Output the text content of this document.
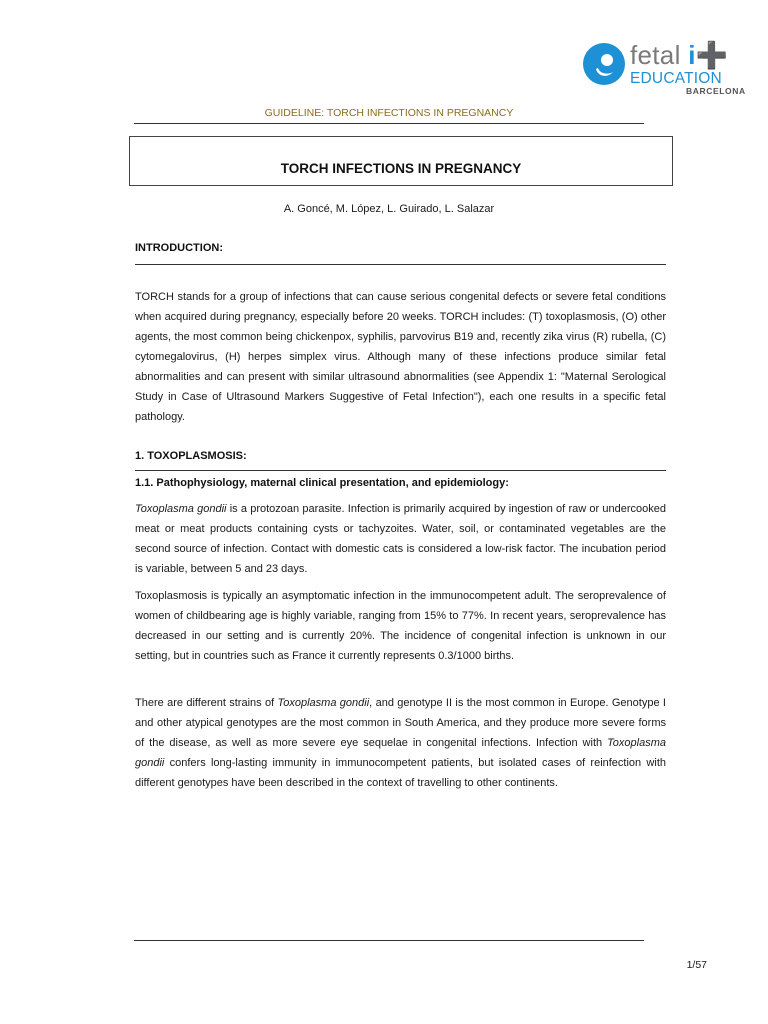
fetal i➕
EDUCATION
BARCELONA
GUIDELINE: TORCH INFECTIONS IN PREGNANCY
TORCH INFECTIONS IN PREGNANCY
A. Goncé, M. López, L. Guirado, L. Salazar
INTRODUCTION:

TORCH stands for a group of infections that can cause serious congenital defects or severe fetal conditions when acquired during pregnancy, especially before 20 weeks. TORCH includes: (T) toxoplasmosis, (O) other agents, the most common being chickenpox, syphilis, parvovirus B19 and, recently zika virus (R) rubella, (C) cytomegalovirus, (H) herpes simplex virus. Although many of these infections produce similar fetal abnormalities and can present with similar ultrasound abnormalities (see Appendix 1: "Maternal Serological Study in Case of Ultrasound Markers Suggestive of Fetal Infection"), each one results in a specific fetal pathology.

1. TOXOPLASMOSIS:
1.1. Pathophysiology, maternal clinical presentation, and epidemiology:

Toxoplasma gondii is a protozoan parasite. Infection is primarily acquired by ingestion of raw or undercooked meat or meat products containing cysts or tachyzoites. Water, soil, or contaminated vegetables are the second source of infection. Contact with domestic cats is considered a low-risk factor. The incubation period is variable, between 5 and 23 days.

Toxoplasmosis is typically an asymptomatic infection in the immunocompetent adult. The seroprevalence of women of childbearing age is highly variable, ranging from 15% to 77%. In recent years, seroprevalence has decreased in our setting and is currently 20%. The incidence of congenital infection is unknown in our setting, but in countries such as France it currently represents 0.3/1000 births.

There are different strains of Toxoplasma gondii, and genotype II is the most common in Europe. Genotype I and other atypical genotypes are the most common in South America, and they produce more severe forms of the disease, as well as more severe eye sequelae in congenital infections. Infection with Toxoplasma gondii confers long-lasting immunity in immunocompetent patients, but isolated cases of reinfection with different genotypes have been described in the context of travelling to other continents.

1/57
